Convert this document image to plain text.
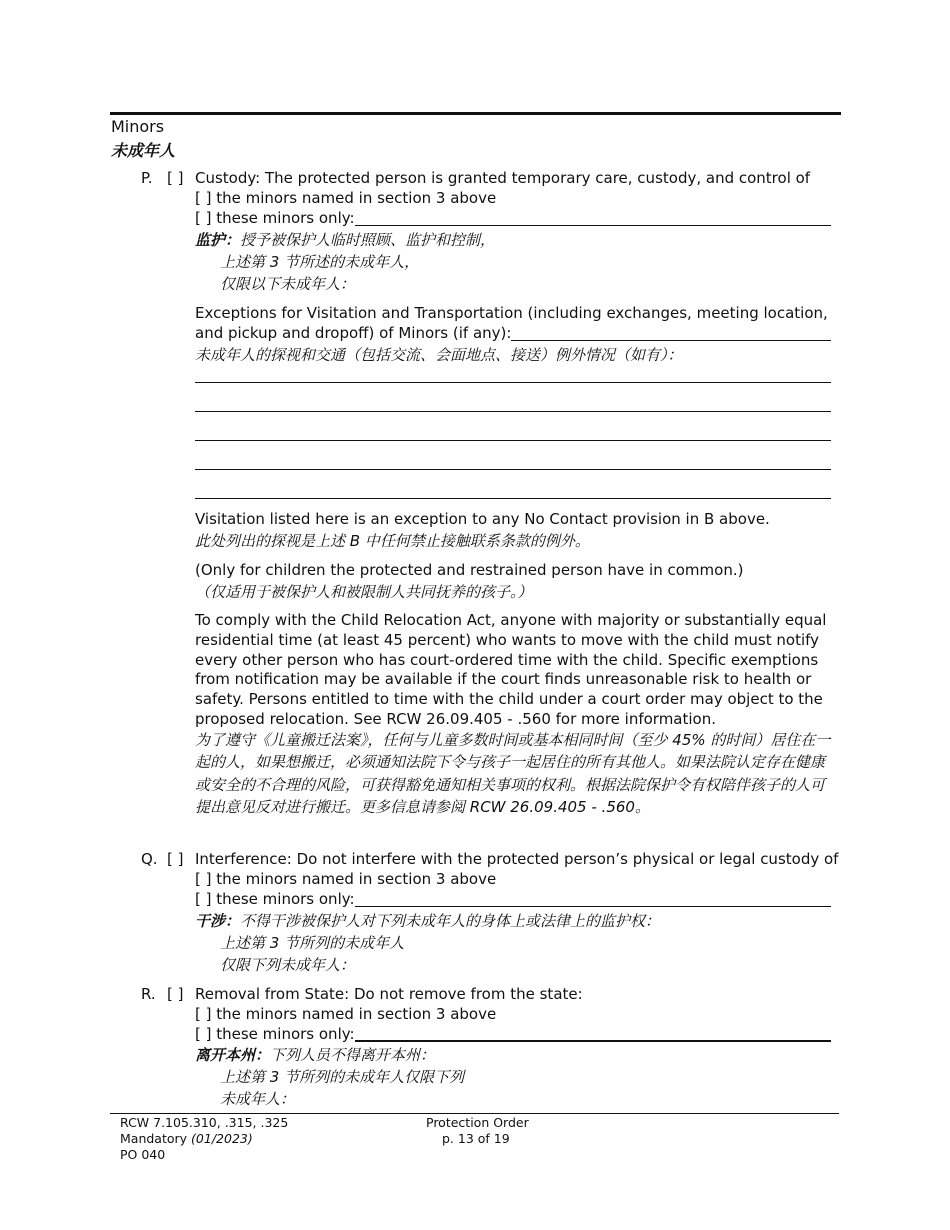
Minors
未成年人
P. [ ] Custody: The protected person is granted temporary care, custody, and control of
[ ] the minors named in section 3 above
[ ] these minors only:
监护：授予被保护人临时照顾、监护和控制，
上述第 3 节所述的未成年人，
仅限以下未成年人：
Exceptions for Visitation and Transportation (including exchanges, meeting location,
and pickup and dropoff) of Minors (if any):
未成年人的探视和交通（包括交流、会面地点、接送）例外情况（如有）：
Visitation listed here is an exception to any No Contact provision in B above.
此处列出的探视是上述 B 中任何禁止接触联系条款的例外。
(Only for children the protected and restrained person have in common.)
（仅适用于被保护人和被限制人共同抚养的孩子。）
To comply with the Child Relocation Act, anyone with majority or substantially equal residential time (at least 45 percent) who wants to move with the child must notify every other person who has court-ordered time with the child. Specific exemptions from notification may be available if the court finds unreasonable risk to health or safety. Persons entitled to time with the child under a court order may object to the proposed relocation. See RCW 26.09.405 - .560 for more information.
为了遵守《儿童搬迁法案》，任何与儿童多数时间或基本相同时间（至少 45% 的时间）居住在一起的人，如果想搬迁，必须通知法院下令与孩子一起居住的所有其他人。如果法院认定存在健康或安全的不合理的风险，可获得豁免通知相关事项的权利。根据法院保护令有权陪伴孩子的人可提出意见反对进行搬迁。更多信息请参阅 RCW 26.09.405 - .560。
Q. [ ] Interference: Do not interfere with the protected person’s physical or legal custody of
[ ] the minors named in section 3 above
[ ] these minors only:
干涉：不得干涉被保护人对下列未成年人的身体上或法律上的监护权：
上述第 3 节所列的未成年人
仅限下列未成年人：
R. [ ] Removal from State: Do not remove from the state:
[ ] the minors named in section 3 above
[ ] these minors only:
离开本州：下列人员不得离开本州：
上述第 3 节所列的未成年人仅限下列
未成年人：
RCW 7.105.310, .315, .325
Mandatory (01/2023)
PO 040
Protection Order
p. 13 of 19
